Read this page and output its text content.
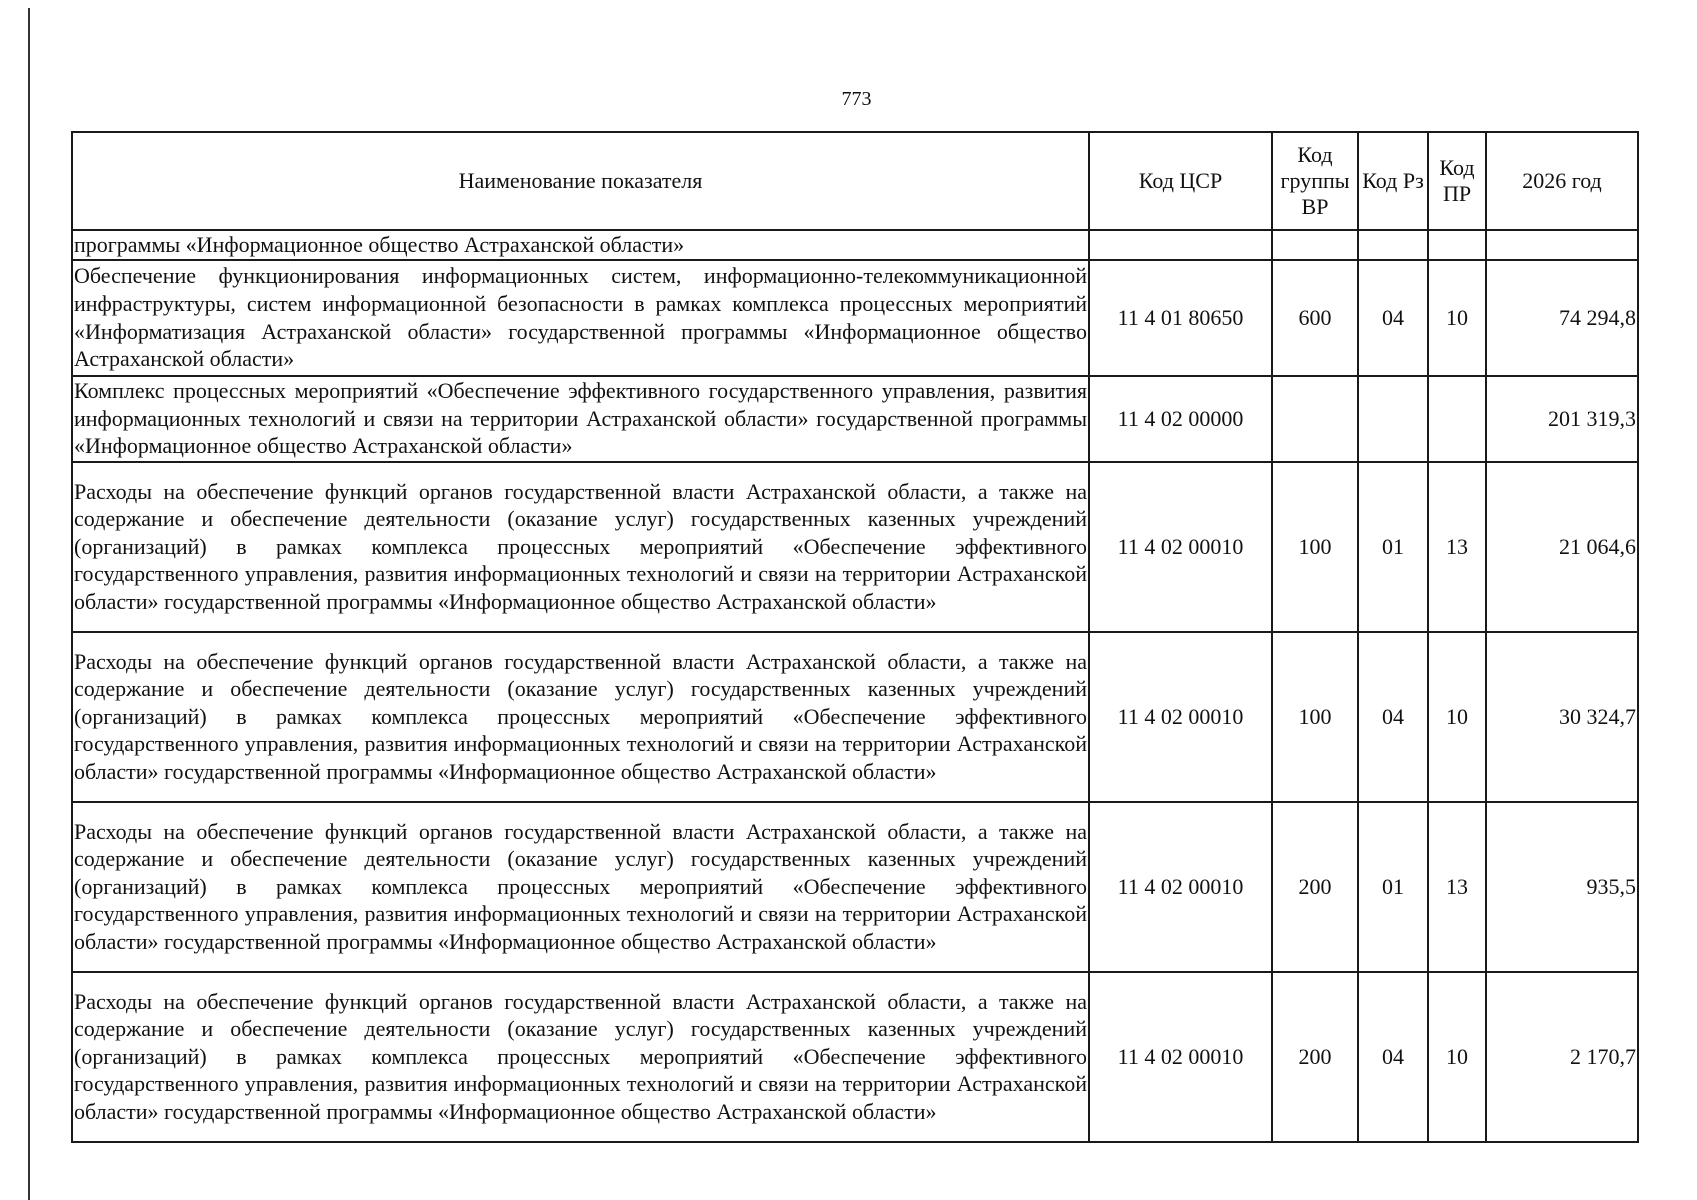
773
Наименование показателя	Код ЦСР	Код группы ВР	Код Рз	Код ПР	2026 год
программы «Информационное общество Астраханской области»					
Обеспечение функционирования информационных систем, информационно-телекоммуникационной инфраструктуры, систем информационной безопасности в рамках комплекса процессных мероприятий «Информатизация Астраханской области» государственной программы «Информационное общество Астраханской области»	11 4 01 80650	600	04	10	74 294,8
Комплекс процессных мероприятий «Обеспечение эффективного государственного управления, развития информационных технологий и связи на территории Астраханской области» государственной программы «Информационное общество Астраханской области»	11 4 02 00000				201 319,3
Расходы на обеспечение функций органов государственной власти Астраханской области, а также на содержание и обеспечение деятельности (оказание услуг) государственных казенных учреждений (организаций) в рамках комплекса процессных мероприятий «Обеспечение эффективного государственного управления, развития информационных технологий и связи на территории Астраханской области» государственной программы «Информационное общество Астраханской области»	11 4 02 00010	100	01	13	21 064,6
Расходы на обеспечение функций органов государственной власти Астраханской области, а также на содержание и обеспечение деятельности (оказание услуг) государственных казенных учреждений (организаций) в рамках комплекса процессных мероприятий «Обеспечение эффективного государственного управления, развития информационных технологий и связи на территории Астраханской области» государственной программы «Информационное общество Астраханской области»	11 4 02 00010	100	04	10	30 324,7
Расходы на обеспечение функций органов государственной власти Астраханской области, а также на содержание и обеспечение деятельности (оказание услуг) государственных казенных учреждений (организаций) в рамках комплекса процессных мероприятий «Обеспечение эффективного государственного управления, развития информационных технологий и связи на территории Астраханской области» государственной программы «Информационное общество Астраханской области»	11 4 02 00010	200	01	13	935,5
Расходы на обеспечение функций органов государственной власти Астраханской области, а также на содержание и обеспечение деятельности (оказание услуг) государственных казенных учреждений (организаций) в рамках комплекса процессных мероприятий «Обеспечение эффективного государственного управления, развития информационных технологий и связи на территории Астраханской области» государственной программы «Информационное общество Астраханской области»	11 4 02 00010	200	04	10	2 170,7
